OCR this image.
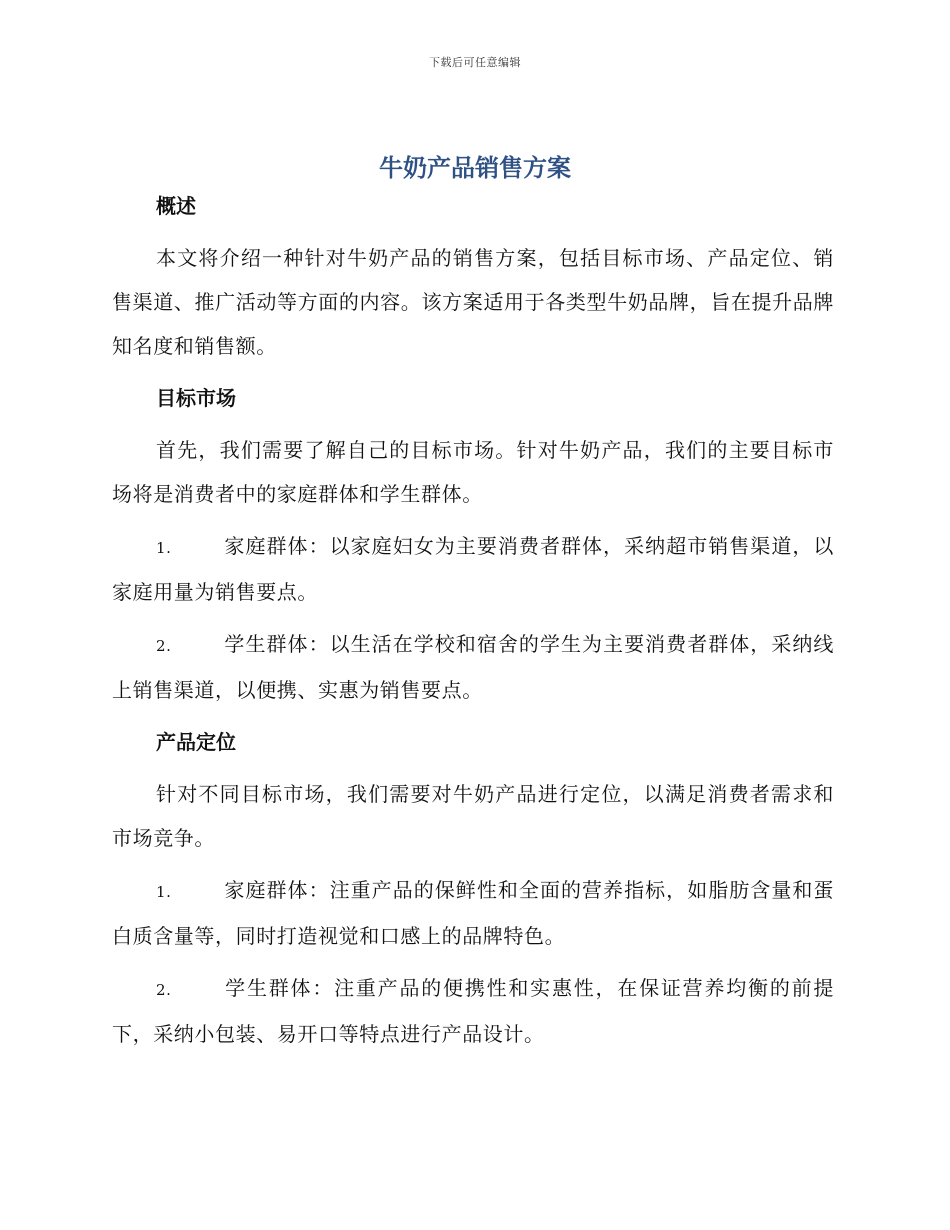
下载后可任意编辑
牛奶产品销售方案
概述

本文将介绍一种针对牛奶产品的销售方案，包括目标市场、产品定位、销售渠道、推广活动等方面的内容。该方案适用于各类型牛奶品牌，旨在提升品牌知名度和销售额。

目标市场

首先，我们需要了解自己的目标市场。针对牛奶产品，我们的主要目标市场将是消费者中的家庭群体和学生群体。

1.	家庭群体：以家庭妇女为主要消费者群体，采纳超市销售渠道，以家庭用量为销售要点。

2.	学生群体：以生活在学校和宿舍的学生为主要消费者群体，采纳线上销售渠道，以便携、实惠为销售要点。

产品定位

针对不同目标市场，我们需要对牛奶产品进行定位，以满足消费者需求和市场竞争。

1.	家庭群体：注重产品的保鲜性和全面的营养指标，如脂肪含量和蛋白质含量等，同时打造视觉和口感上的品牌特色。

2.	学生群体：注重产品的便携性和实惠性，在保证营养均衡的前提下，采纳小包装、易开口等特点进行产品设计。
